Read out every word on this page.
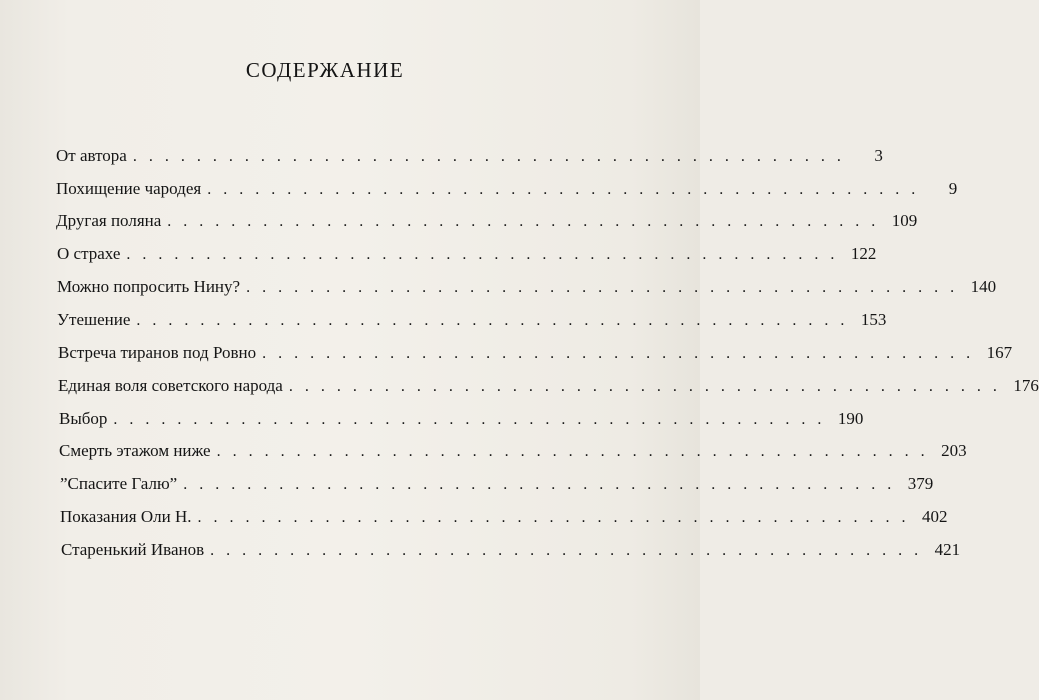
СОДЕРЖАНИЕ
От автора . . . . . . . . . . . . . . . . . . . . . . . . . . . . . . . . . . . . . . . . . . . . .	3
Похищение чародея . . . . . . . . . . . . . . . . . . . . . . . . . . . . . . . . . . . . . . . . . . . . .	9
Другая поляна . . . . . . . . . . . . . . . . . . . . . . . . . . . . . . . . . . . . . . . . . . . . . 109
О страхе . . . . . . . . . . . . . . . . . . . . . . . . . . . . . . . . . . . . . . . . . . . . . 122
Можно попросить Нину? . . . . . . . . . . . . . . . . . . . . . . . . . . . . . . . . . . . . . . . . . . . . . 140
Утешение . . . . . . . . . . . . . . . . . . . . . . . . . . . . . . . . . . . . . . . . . . . . . 153
Встреча тиранов под Ровно . . . . . . . . . . . . . . . . . . . . . . . . . . . . . . . . . . . . . . . . . . . . . 167
Единая воля советского народа . . . . . . . . . . . . . . . . . . . . . . . . . . . . . . . . . . . . . . . . . . . . . 176
Выбор . . . . . . . . . . . . . . . . . . . . . . . . . . . . . . . . . . . . . . . . . . . . . 190
Смерть этажом ниже . . . . . . . . . . . . . . . . . . . . . . . . . . . . . . . . . . . . . . . . . . . . . 203
”Спасите Галю” . . . . . . . . . . . . . . . . . . . . . . . . . . . . . . . . . . . . . . . . . . . . . 379
Показания Оли Н. . . . . . . . . . . . . . . . . . . . . . . . . . . . . . . . . . . . . . . . . . . . . . 402
Старенький Иванов . . . . . . . . . . . . . . . . . . . . . . . . . . . . . . . . . . . . . . . . . . . . . 421
